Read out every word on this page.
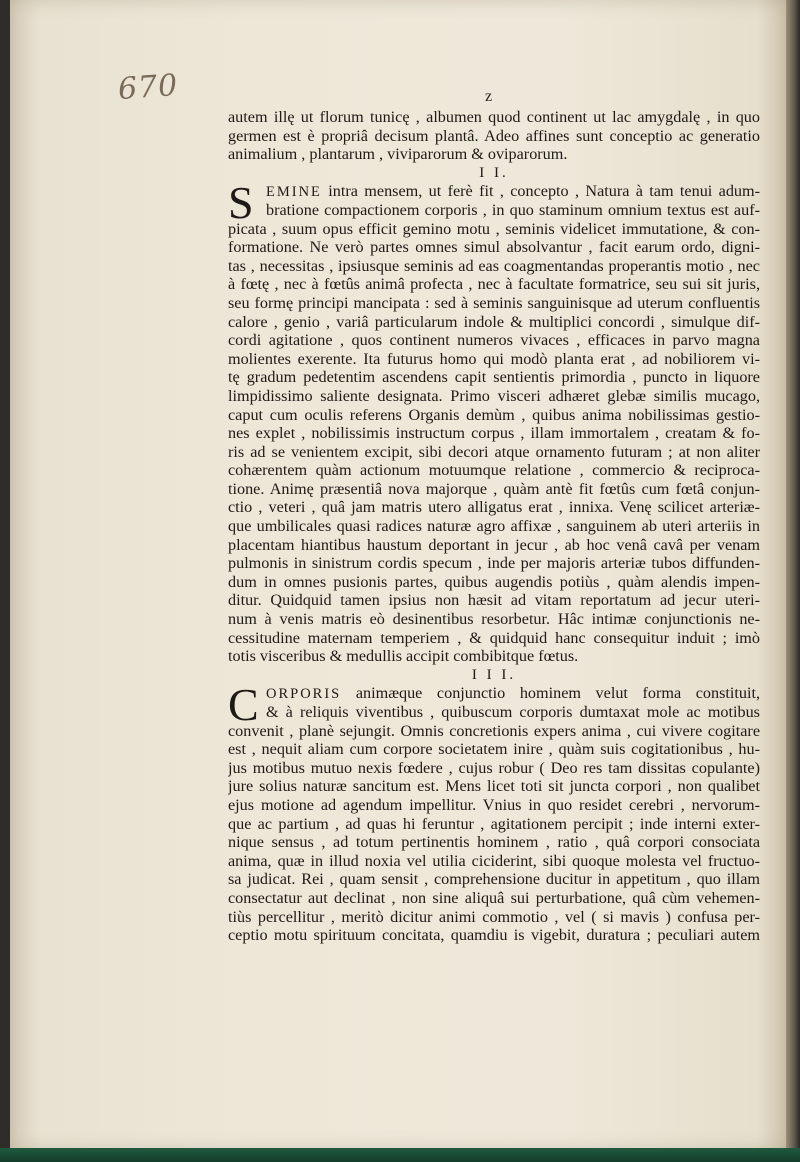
670	z
autem illę ut florum tunicę , albumen quod continent ut lac amygdalę , in quo
germen est è propriâ decisum plantâ. Adeo affines sunt conceptio ac generatio
animalium , plantarum , viviparorum & oviparorum.
I I.
S EMINE intra mensem, ut ferè fit , concepto , Natura à tam tenui adum-
bratione compactionem corporis , in quo staminum omnium textus est auf-
picata , suum opus efficit gemino motu , seminis videlicet immutatione, & con-
formatione. Ne verò partes omnes simul absolvantur , facit earum ordo, digni-
tas , necessitas , ipsiusque seminis ad eas coagmentandas properantis motio , nec
à fœtę , nec à fœtûs animâ profecta , nec à facultate formatrice, seu sui sit juris,
seu formę principi mancipata : sed à seminis sanguinisque ad uterum confluentis
calore , genio , variâ particularum indole & multiplici concordi , simulque dif-
cordi agitatione , quos continent numeros vivaces , efficaces in parvo magna
molientes exerente. Ita futurus homo qui modò planta erat , ad nobiliorem vi-
tę gradum pedetentim ascendens capit sentientis primordia , puncto in liquore
limpidissimo saliente designata. Primo visceri adhæret glebæ similis mucago,
caput cum oculis referens Organis demùm , quibus anima nobilissimas gestio-
nes explet , nobilissimis instructum corpus , illam immortalem , creatam & fo-
ris ad se venientem excipit, sibi decori atque ornamento futuram ; at non aliter
cohærentem quàm actionum motuumque relatione , commercio & reciproca-
tione. Animę præsentiâ nova majorque , quàm antè fit fœtûs cum fœtâ conjun-
ctio , veteri , quâ jam matris utero alligatus erat , innixa. Venę scilicet arteriæ-
que umbilicales quasi radices naturæ agro affixæ , sanguinem ab uteri arteriis in
placentam hiantibus haustum deportant in jecur , ab hoc venâ cavâ per venam
pulmonis in sinistrum cordis specum , inde per majoris arteriæ tubos diffunden-
dum in omnes pusionis partes, quibus augendis potiùs , quàm alendis impen-
ditur. Quidquid tamen ipsius non hæsit ad vitam reportatum ad jecur uteri-
num à venis matris eò desinentibus resorbetur. Hâc intimæ conjunctionis ne-
cessitudine maternam temperiem , & quidquid hanc consequitur induit ; imò
totis visceribus & medullis accipit combibitque fœtus.
I I I.
C ORPORIS animæque conjunctio hominem velut forma constituit,
& à reliquis viventibus , quibuscum corporis dumtaxat mole ac motibus
convenit , planè sejungit. Omnis concretionis expers anima , cui vivere cogitare
est , nequit aliam cum corpore societatem inire , quàm suis cogitationibus , hu-
jus motibus mutuo nexis fœdere , cujus robur ( Deo res tam dissitas copulante)
jure solius naturæ sancitum est. Mens licet toti sit juncta corpori , non qualibet
ejus motione ad agendum impellitur. Vnius in quo residet cerebri , nervorum-
que ac partium , ad quas hi feruntur , agitationem percipit ; inde interni exter-
nique sensus , ad totum pertinentis hominem , ratio , quâ corpori consociata
anima, quæ in illud noxia vel utilia ciciderint, sibi quoque molesta vel fructuo-
sa judicat. Rei , quam sensit , comprehensione ducitur in appetitum , quo illam
consectatur aut declinat , non sine aliquâ sui perturbatione, quâ cùm vehemen-
tiùs percellitur , meritò dicitur animi commotio , vel ( si mavis ) confusa per-
ceptio motu spirituum concitata, quamdiu is vigebit, duratura ; peculiari autem
